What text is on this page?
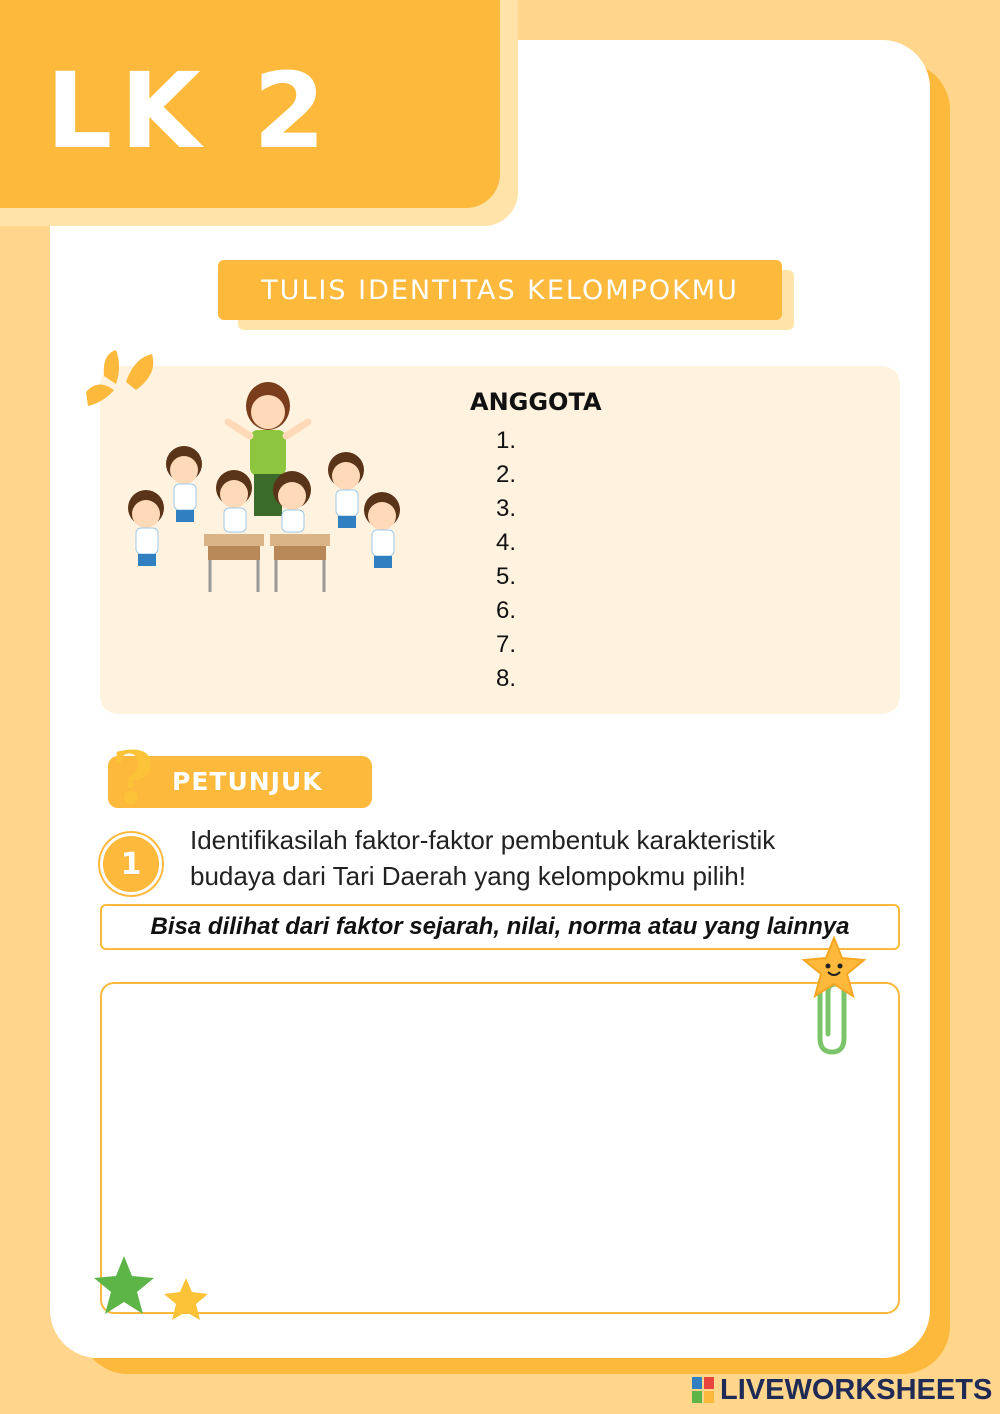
LK 2
TULIS IDENTITAS KELOMPOKMU
ANGGOTA
1.
2.
3.
4.
5.
6.
7.
8.
? PETUNJUK
1
Identifikasilah faktor-faktor pembentuk karakteristik
budaya dari Tari Daerah yang kelompokmu pilih!
Bisa dilihat dari faktor sejarah, nilai, norma atau yang lainnya
LIVEWORKSHEETS
